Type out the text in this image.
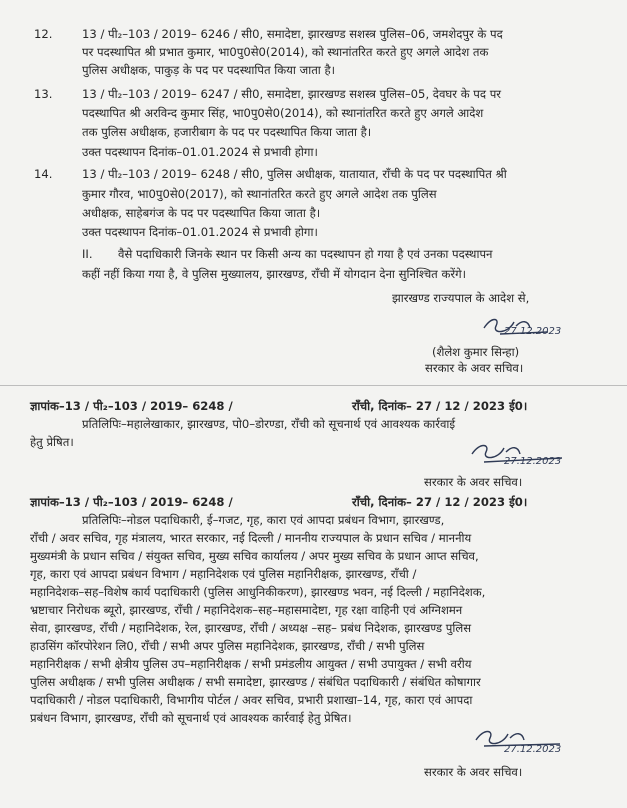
12.	13 / पी₂–103 / 2019– 6246 / सी0, समादेष्टा, झारखण्ड सशस्त्र पुलिस–06, जमशेदपुर के पद
पर पदस्थापित श्री प्रभात कुमार, भा0पु0से0(2014), को स्थानांतरित करते हुए अगले आदेश तक
पुलिस अधीक्षक, पाकुड़ के पद पर पदस्थापित किया जाता है।
13.	13 / पी₂–103 / 2019– 6247 / सी0, समादेष्टा, झारखण्ड सशस्त्र पुलिस–05, देवघर के पद पर
पदस्थापित श्री अरविन्द कुमार सिंह, भा0पु0से0(2014), को स्थानांतरित करते हुए अगले आदेश
तक पुलिस अधीक्षक, हजारीबाग के पद पर पदस्थापित किया जाता है।
उक्त पदस्थापन दिनांक–01.01.2024 से प्रभावी होगा।
14.	13 / पी₂–103 / 2019– 6248 / सी0, पुलिस अधीक्षक, यातायात, राँची के पद पर पदस्थापित श्री
कुमार गौरव, भा0पु0से0(2017), को स्थानांतरित करते हुए अगले आदेश तक पुलिस
अधीक्षक, साहेबगंज के पद पर पदस्थापित किया जाता है।
उक्त पदस्थापन दिनांक–01.01.2024 से प्रभावी होगा।
II. वैसे पदाधिकारी जिनके स्थान पर किसी अन्य का पदस्थापन हो गया है एवं उनका पदस्थापन
कहीं नहीं किया गया है, वे पुलिस मुख्यालय, झारखण्ड, राँची में योगदान देना सुनिश्चित करेंगे।
झारखण्ड राज्यपाल के आदेश से,
27.12.2023
(शैलेश कुमार सिन्हा)
सरकार के अवर सचिव।
ज्ञापांक–13 / पी₂–103 / 2019– 6248 /	राँची, दिनांक– 27 / 12 / 2023 ई0।
प्रतिलिपिः–महालेखाकार, झारखण्ड, पो0–डोरण्डा, राँची को सूचनार्थ एवं आवश्यक कार्रवाई
हेतु प्रेषित।
27.12.2023
सरकार के अवर सचिव।
ज्ञापांक–13 / पी₂–103 / 2019– 6248 /	राँची, दिनांक– 27 / 12 / 2023 ई0।
प्रतिलिपिः–नोडल पदाधिकारी, ई–गजट, गृह, कारा एवं आपदा प्रबंधन विभाग, झारखण्ड,
राँची / अवर सचिव, गृह मंत्रालय, भारत सरकार, नई दिल्ली / माननीय राज्यपाल के प्रधान सचिव / माननीय
मुख्यमंत्री के प्रधान सचिव / संयुक्त सचिव, मुख्य सचिव कार्यालय / अपर मुख्य सचिव के प्रधान आप्त सचिव,
गृह, कारा एवं आपदा प्रबंधन विभाग / महानिदेशक एवं पुलिस महानिरीक्षक, झारखण्ड, राँची /
महानिदेशक–सह–विशेष कार्य पदाधिकारी (पुलिस आधुनिकीकरण), झारखण्ड भवन, नई दिल्ली / महानिदेशक,
भ्रष्टाचार निरोधक ब्यूरो, झारखण्ड, राँची / महानिदेशक–सह–महासमादेष्टा, गृह रक्षा वाहिनी एवं अग्निशमन
सेवा, झारखण्ड, राँची / महानिदेशक, रेल, झारखण्ड, राँची / अध्यक्ष –सह– प्रबंध निदेशक, झारखण्ड पुलिस
हाउसिंग कॉरपोरेशन लि0, राँची / सभी अपर पुलिस महानिदेशक, झारखण्ड, राँची / सभी पुलिस
महानिरीक्षक / सभी क्षेत्रीय पुलिस उप–महानिरीक्षक / सभी प्रमंडलीय आयुक्त / सभी उपायुक्त / सभी वरीय
पुलिस अधीक्षक / सभी पुलिस अधीक्षक / सभी समादेष्टा, झारखण्ड / संबंधित पदाधिकारी / संबंधित कोषागार
पदाधिकारी / नोडल पदाधिकारी, विभागीय पोर्टल / अवर सचिव, प्रभारी प्रशाखा–14, गृह, कारा एवं आपदा
प्रबंधन विभाग, झारखण्ड, राँची को सूचनार्थ एवं आवश्यक कार्रवाई हेतु प्रेषित।
27.12.2023
सरकार के अवर सचिव।
